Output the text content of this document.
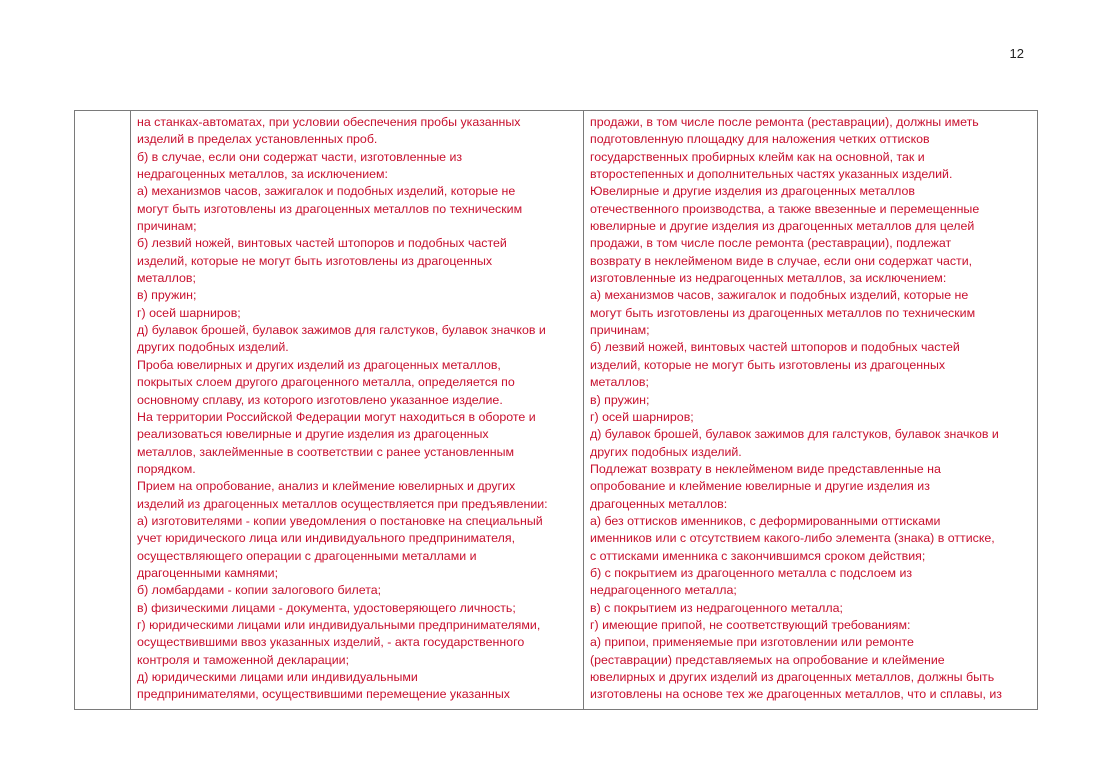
12
на станках-автоматах, при условии обеспечения пробы указанных
изделий в пределах установленных проб.
б) в случае, если они содержат части, изготовленные из
недрагоценных металлов, за исключением:
а) механизмов часов, зажигалок и подобных изделий, которые не
могут быть изготовлены из драгоценных металлов по техническим
причинам;
б) лезвий ножей, винтовых частей штопоров и подобных частей
изделий, которые не могут быть изготовлены из драгоценных
металлов;
в) пружин;
г) осей шарниров;
д) булавок брошей, булавок зажимов для галстуков, булавок значков и
других подобных изделий.
Проба ювелирных и других изделий из драгоценных металлов,
покрытых слоем другого драгоценного металла, определяется по
основному сплаву, из которого изготовлено указанное изделие.
На территории Российской Федерации могут находиться в обороте и
реализоваться ювелирные и другие изделия из драгоценных
металлов, заклейменные в соответствии с ранее установленным
порядком.
Прием на опробование, анализ и клеймение ювелирных и других
изделий из драгоценных металлов осуществляется при предъявлении:
а) изготовителями - копии уведомления о постановке на специальный
учет юридического лица или индивидуального предпринимателя,
осуществляющего операции с драгоценными металлами и
драгоценными камнями;
б) ломбардами - копии залогового билета;
в) физическими лицами - документа, удостоверяющего личность;
г) юридическими лицами или индивидуальными предпринимателями,
осуществившими ввоз указанных изделий, - акта государственного
контроля и таможенной декларации;
д) юридическими лицами или индивидуальными
предпринимателями, осуществившими перемещение указанных
продажи, в том числе после ремонта (реставрации), должны иметь
подготовленную площадку для наложения четких оттисков
государственных пробирных клейм как на основной, так и
второстепенных и дополнительных частях указанных изделий.
Ювелирные и другие изделия из драгоценных металлов
отечественного производства, а также ввезенные и перемещенные
ювелирные и другие изделия из драгоценных металлов для целей
продажи, в том числе после ремонта (реставрации), подлежат
возврату в неклейменом виде в случае, если они содержат части,
изготовленные из недрагоценных металлов, за исключением:
а) механизмов часов, зажигалок и подобных изделий, которые не
могут быть изготовлены из драгоценных металлов по техническим
причинам;
б) лезвий ножей, винтовых частей штопоров и подобных частей
изделий, которые не могут быть изготовлены из драгоценных
металлов;
в) пружин;
г) осей шарниров;
д) булавок брошей, булавок зажимов для галстуков, булавок значков и
других подобных изделий.
Подлежат возврату в неклейменом виде представленные на
опробование и клеймение ювелирные и другие изделия из
драгоценных металлов:
а) без оттисков именников, с деформированными оттисками
именников или с отсутствием какого-либо элемента (знака) в оттиске,
с оттисками именника с закончившимся сроком действия;
б) с покрытием из драгоценного металла с подслоем из
недрагоценного металла;
в) с покрытием из недрагоценного металла;
г) имеющие припой, не соответствующий требованиям:
а) припои, применяемые при изготовлении или ремонте
(реставрации) представляемых на опробование и клеймение
ювелирных и других изделий из драгоценных металлов, должны быть
изготовлены на основе тех же драгоценных металлов, что и сплавы, из
